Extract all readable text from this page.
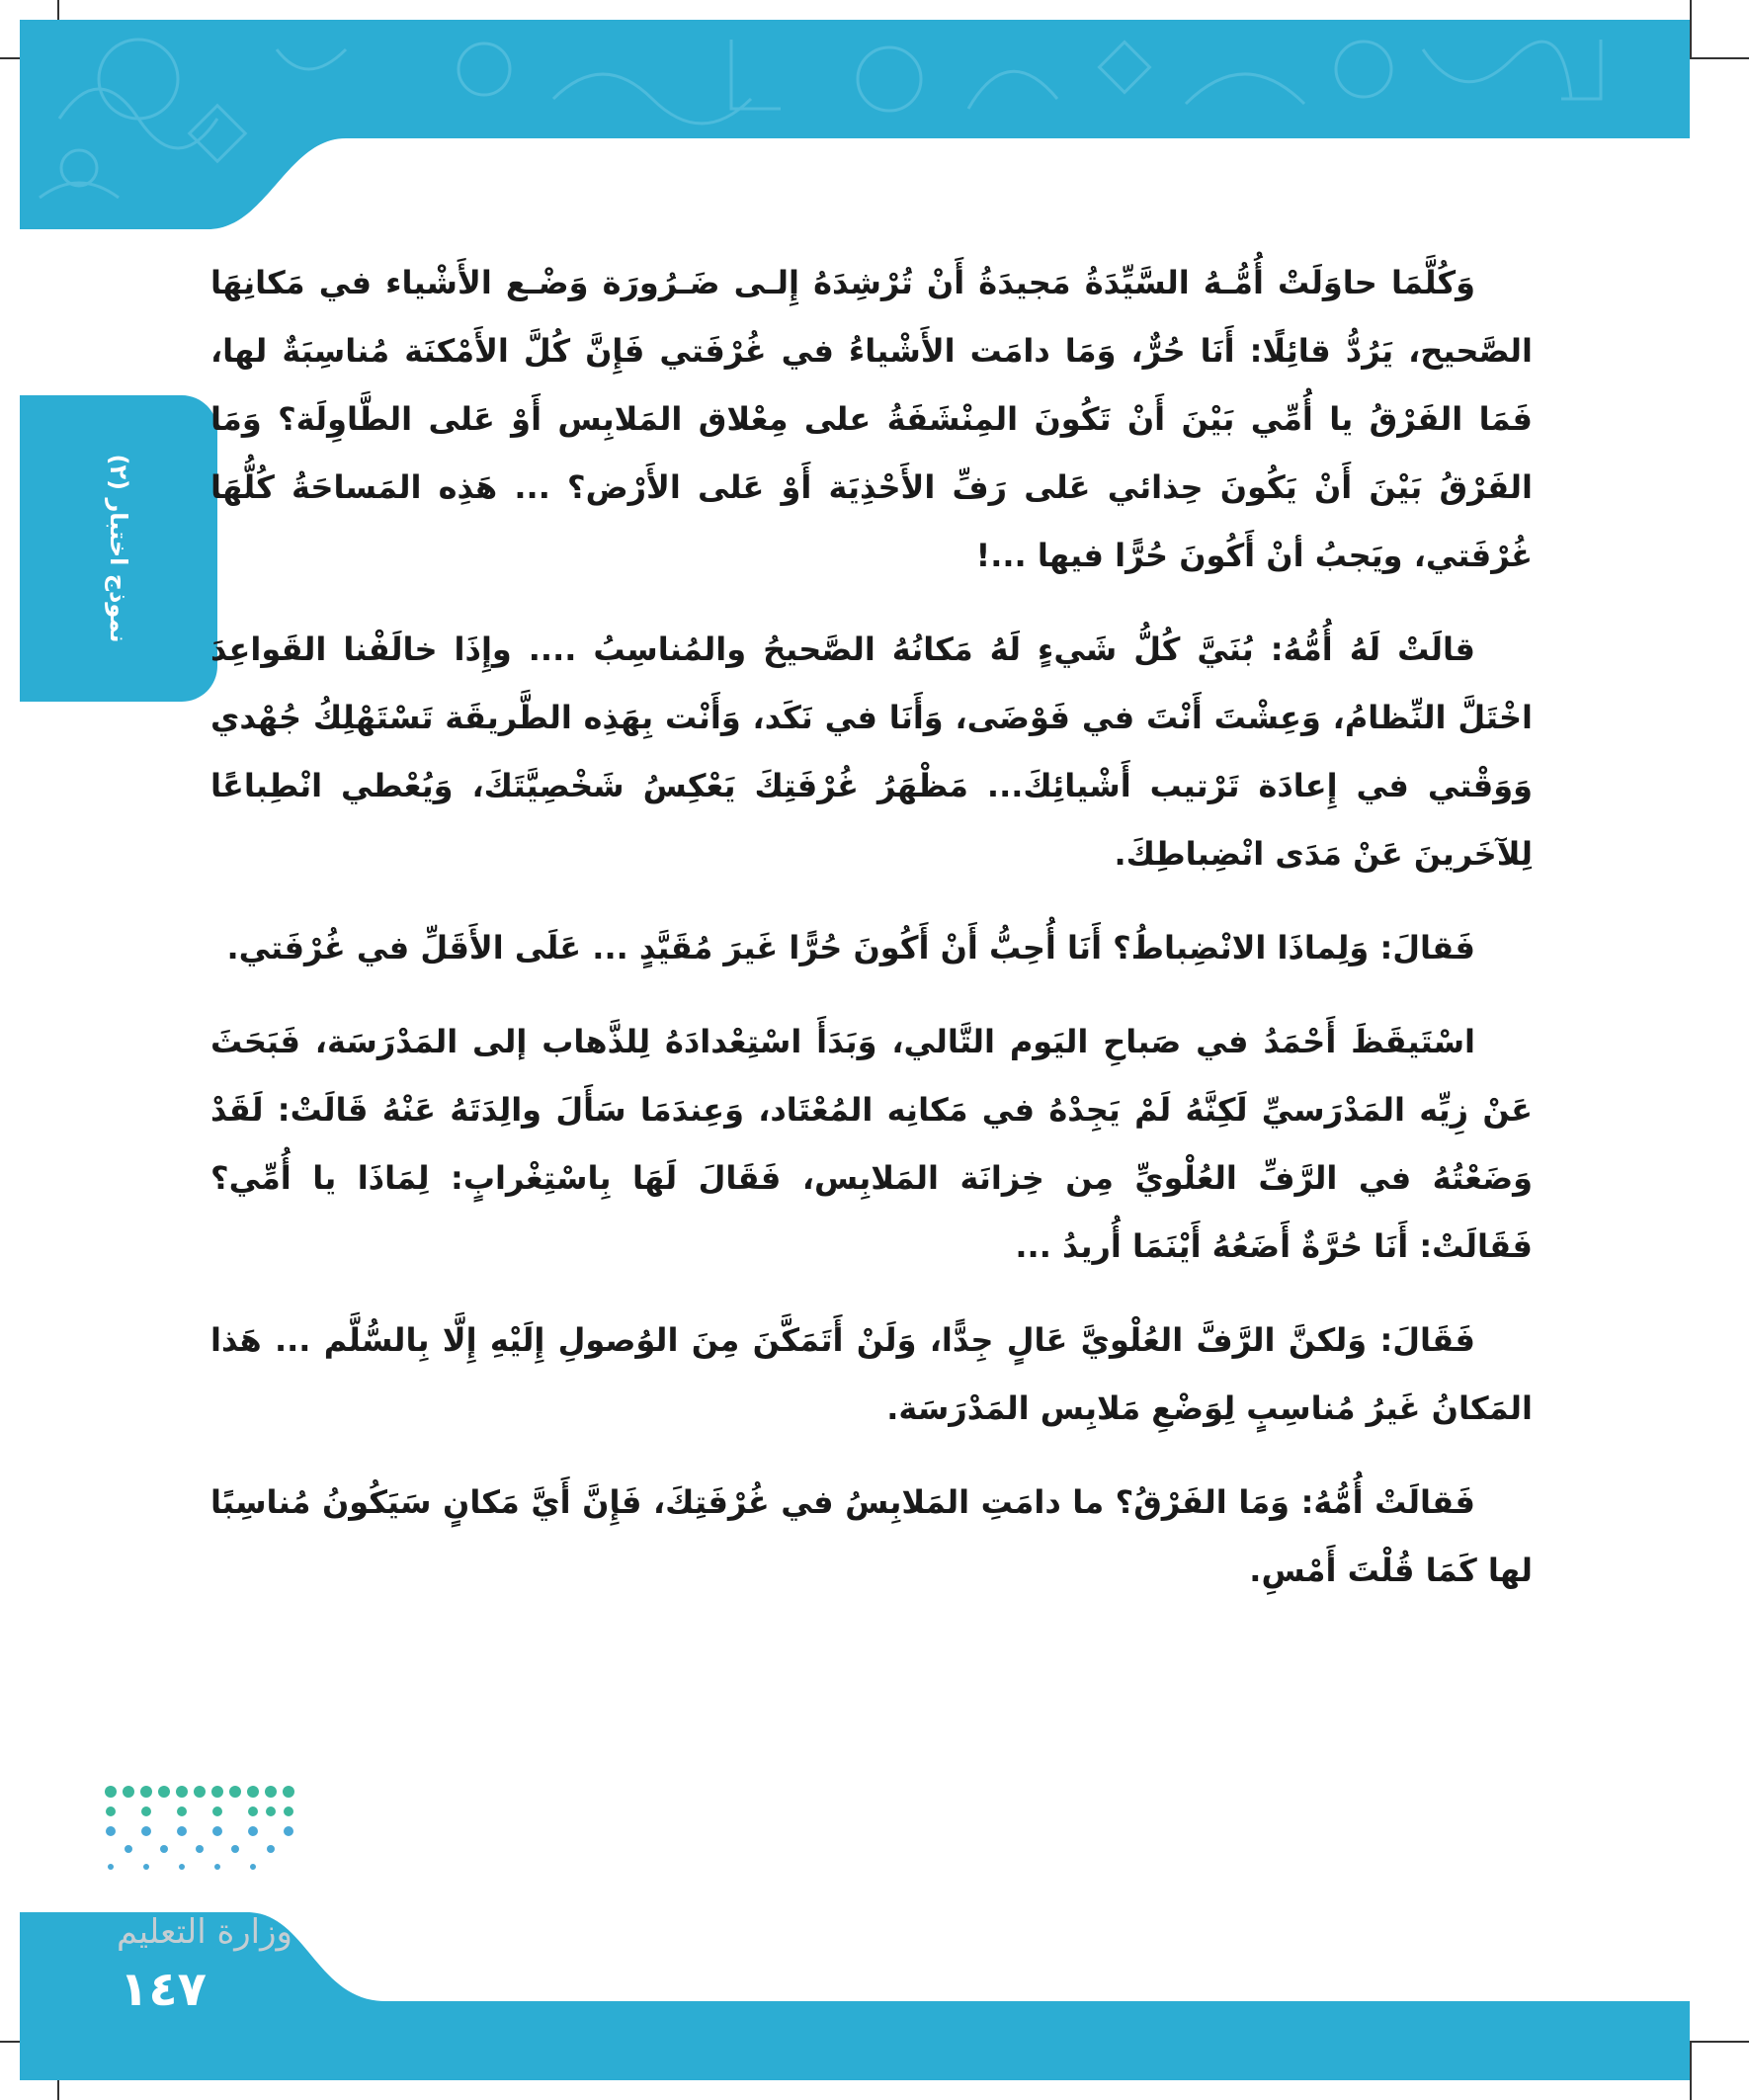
نموذج اختبار (٢)

وَكُلَّمَا حاوَلَتْ أُمُّـهُ السَّيِّدَةُ مَجيدَةُ أَنْ تُرْشِدَهُ إِلـى ضَـرُورَة وَضْـع الأَشْياء في مَكانِهَا الصَّحيح، يَرُدُّ قائِلًا: أَنَا حُرٌّ، وَمَا دامَت الأَشْياءُ في غُرْفَتي فَإِنَّ كُلَّ الأَمْكنَة مُناسِبَةٌ لها، فَمَا الفَرْقُ يا أُمِّي بَيْنَ أَنْ تَكُونَ المِنْشَفَةُ على مِعْلاق المَلابِس أَوْ عَلى الطَّاوِلَة؟ وَمَا الفَرْقُ بَيْنَ أَنْ يَكُونَ حِذائي عَلى رَفِّ الأَحْذِيَة أَوْ عَلى الأَرْض؟ ... هَذِه المَساحَةُ كُلُّهَا غُرْفَتي، ويَجبُ أنْ أَكُونَ حُرًّا فيها ...!

قالَتْ لَهُ أُمُّهُ: بُنَيَّ كُلُّ شَيءٍ لَهُ مَكانُهُ الصَّحيحُ والمُناسِبُ .... وإِذَا خالَفْنا القَواعِدَ اخْتَلَّ النِّظامُ، وَعِشْتَ أَنْتَ في فَوْضَى، وَأَنَا في نَكَد، وَأَنْت بِهَذِه الطَّريقَة تَسْتَهْلِكُ جُهْدي وَوَقْتي في إِعادَة تَرْتيب أَشْيائِكَ... مَظْهَرُ غُرْفَتِكَ يَعْكِسُ شَخْصِيَّتَكَ، وَيُعْطي انْطِباعًا لِلآخَرينَ عَنْ مَدَى انْضِباطِكَ.

فَقالَ: وَلِماذَا الانْضِباطُ؟ أَنَا أُحِبُّ أَنْ أَكُونَ حُرًّا غَيرَ مُقَيَّدٍ ... عَلَى الأَقَلِّ في غُرْفَتي.

اسْتَيقَظَ أَحْمَدُ في صَباحِ اليَوم التَّالي، وَبَدَأَ اسْتِعْدادَهُ لِلذَّهاب إلى المَدْرَسَة، فَبَحَثَ عَنْ زِيِّه المَدْرَسيِّ لَكِنَّهُ لَمْ يَجِدْهُ في مَكانِه المُعْتَاد، وَعِندَمَا سَأَلَ والِدَتَهُ عَنْهُ قَالَتْ: لَقَدْ وَضَعْتُهُ في الرَّفِّ العُلْويِّ مِن خِزانَة المَلابِس، فَقَالَ لَهَا بِاسْتِغْرابٍ: لِمَاذَا يا أُمِّي؟ فَقَالَتْ: أَنَا حُرَّةٌ أَضَعُهُ أَيْنَمَا أُريدُ ...

فَقَالَ: وَلكنَّ الرَّفَّ العُلْويَّ عَالٍ جِدًّا، وَلَنْ أَتَمَكَّنَ مِنَ الوُصولِ إِلَيْهِ إِلَّا بِالسُّلَّم ... هَذا المَكانُ غَيرُ مُناسِبٍ لِوَضْعِ مَلابِس المَدْرَسَة.

فَقالَتْ أُمُّهُ: وَمَا الفَرْقُ؟ ما دامَتِ المَلابِسُ في غُرْفَتِكَ، فَإِنَّ أَيَّ مَكانٍ سَيَكُونُ مُناسِبًا لها كَمَا قُلْتَ أَمْسِ.

وزارة التعليم
١٤٧
